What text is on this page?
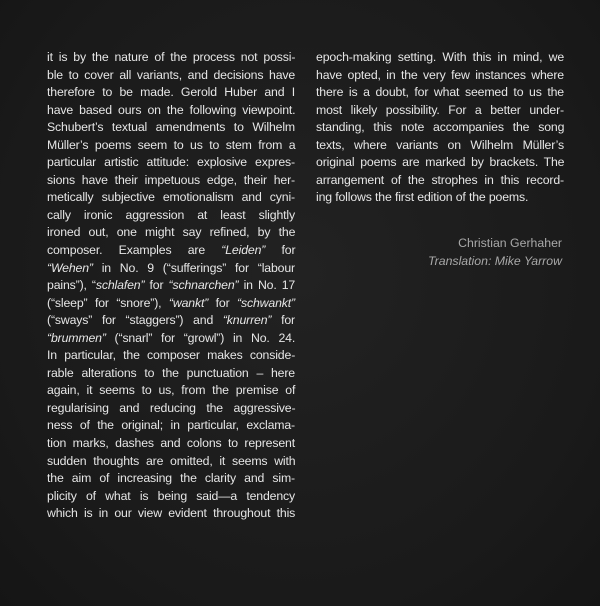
it is by the nature of the process not possi-
ble to cover all variants, and decisions have
therefore to be made. Gerold Huber and I
have based ours on the following viewpoint.
Schubert’s textual amendments to Wilhelm
Müller’s poems seem to us to stem from a
particular artistic attitude: explosive expres-
sions have their impetuous edge, their her-
metically subjective emotionalism and cyni-
cally ironic aggression at least slightly
ironed out, one might say refined, by the
composer. Examples are “Leiden” for
“Wehen” in No. 9 (“sufferings” for “labour
pains”), “schlafen” for “schnarchen” in No. 17
(“sleep” for “snore”), “wankt” for “schwankt”
(“sways” for “staggers”) and “knurren” for
“brummen” (“snarl” for “growl”) in No. 24.
In particular, the composer makes conside-
rable alterations to the punctuation – here
again, it seems to us, from the premise of
regularising and reducing the aggressive-
ness of the original; in particular, exclama-
tion marks, dashes and colons to represent
sudden thoughts are omitted, it seems with
the aim of increasing the clarity and sim-
plicity of what is being said—a tendency
which is in our view evident throughout this
epoch-making setting. With this in mind, we
have opted, in the very few instances where
there is a doubt, for what seemed to us the
most likely possibility. For a better under-
standing, this note accompanies the song
texts, where variants on Wilhelm Müller’s
original poems are marked by brackets. The
arrangement of the strophes in this record-
ing follows the first edition of the poems.
Christian Gerhaher
Translation: Mike Yarrow
